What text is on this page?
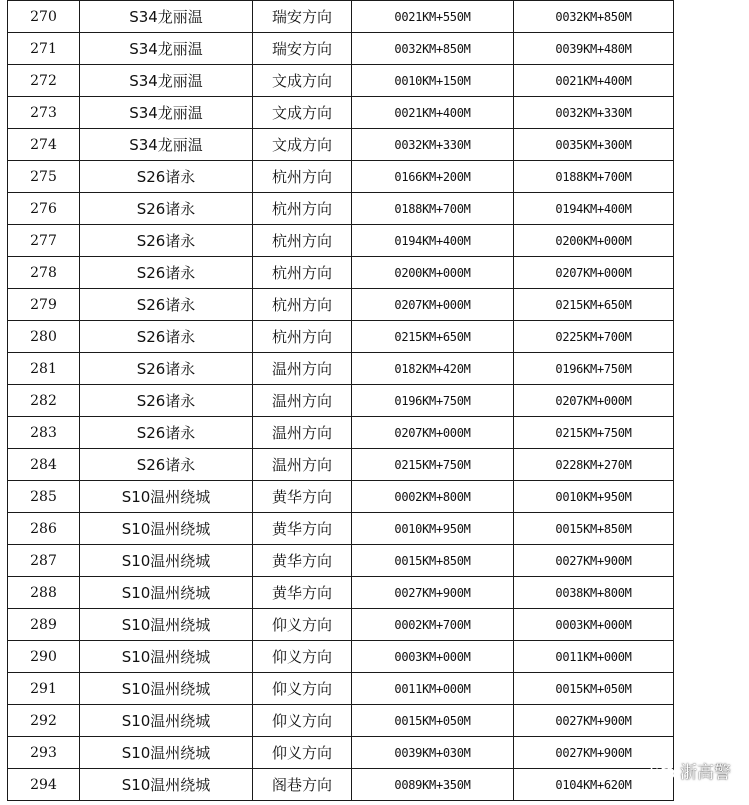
270	S34龙丽温	瑞安方向	0021KM+550M	0032KM+850M
271	S34龙丽温	瑞安方向	0032KM+850M	0039KM+480M
272	S34龙丽温	文成方向	0010KM+150M	0021KM+400M
273	S34龙丽温	文成方向	0021KM+400M	0032KM+330M
274	S34龙丽温	文成方向	0032KM+330M	0035KM+300M
275	S26诸永	杭州方向	0166KM+200M	0188KM+700M
276	S26诸永	杭州方向	0188KM+700M	0194KM+400M
277	S26诸永	杭州方向	0194KM+400M	0200KM+000M
278	S26诸永	杭州方向	0200KM+000M	0207KM+000M
279	S26诸永	杭州方向	0207KM+000M	0215KM+650M
280	S26诸永	杭州方向	0215KM+650M	0225KM+700M
281	S26诸永	温州方向	0182KM+420M	0196KM+750M
282	S26诸永	温州方向	0196KM+750M	0207KM+000M
283	S26诸永	温州方向	0207KM+000M	0215KM+750M
284	S26诸永	温州方向	0215KM+750M	0228KM+270M
285	S10温州绕城	黄华方向	0002KM+800M	0010KM+950M
286	S10温州绕城	黄华方向	0010KM+950M	0015KM+850M
287	S10温州绕城	黄华方向	0015KM+850M	0027KM+900M
288	S10温州绕城	黄华方向	0027KM+900M	0038KM+800M
289	S10温州绕城	仰义方向	0002KM+700M	0003KM+000M
290	S10温州绕城	仰义方向	0003KM+000M	0011KM+000M
291	S10温州绕城	仰义方向	0011KM+000M	0015KM+050M
292	S10温州绕城	仰义方向	0015KM+050M	0027KM+900M
293	S10温州绕城	仰义方向	0039KM+030M	0027KM+900M
294	S10温州绕城	阁巷方向	0089KM+350M	0104KM+620M
浙高警
